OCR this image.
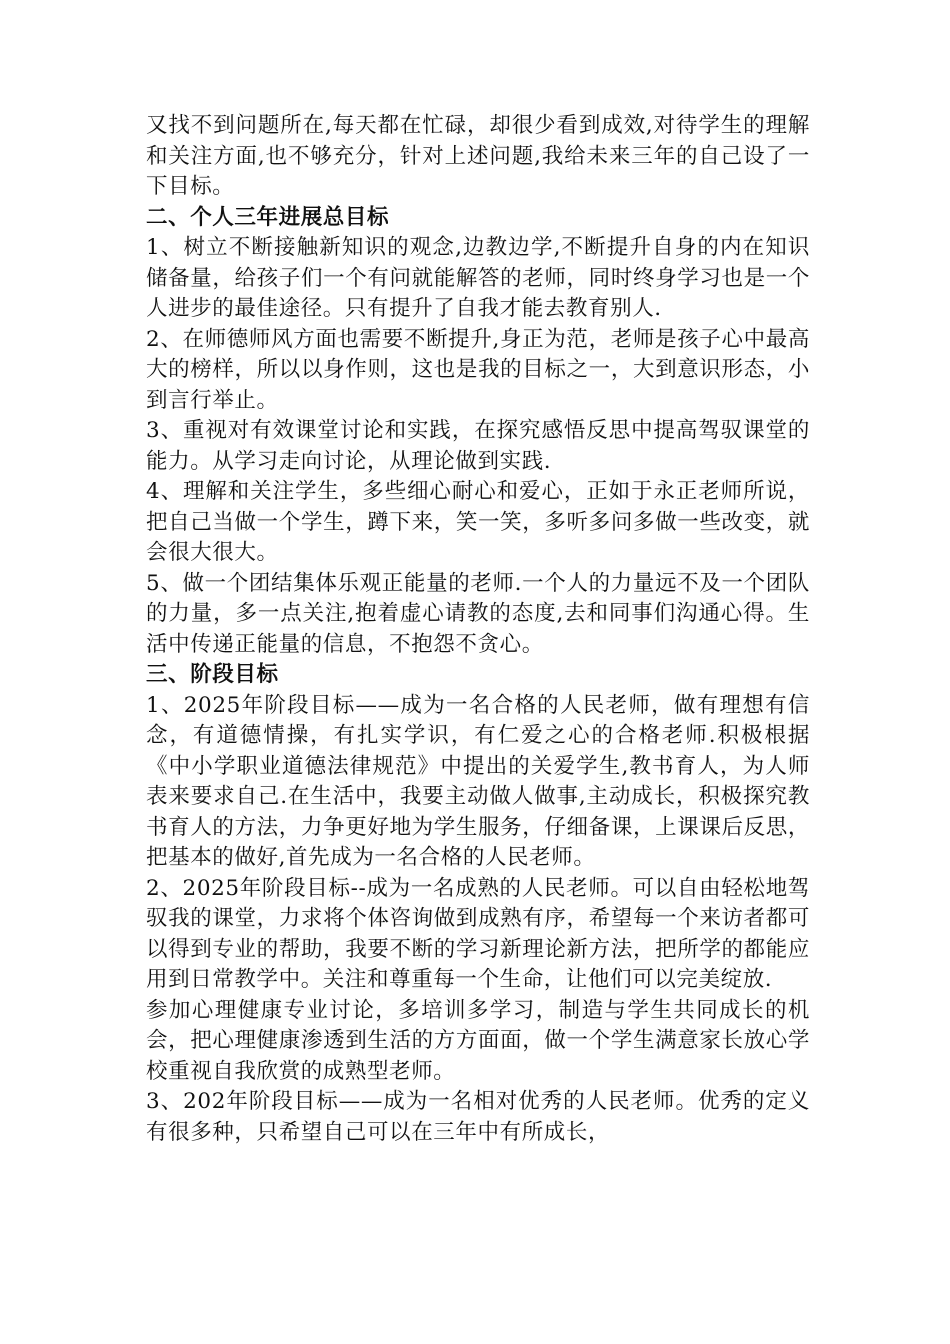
又找不到问题所在,每天都在忙碌，却很少看到成效,对待学生的理解和关注方面,也不够充分，针对上述问题,我给未来三年的自己设了一下目标。

二、个人三年进展总目标

1、树立不断接触新知识的观念,边教边学,不断提升自身的内在知识储备量，给孩子们一个有问就能解答的老师，同时终身学习也是一个人进步的最佳途径。只有提升了自我才能去教育别人.

2、在师德师风方面也需要不断提升,身正为范，老师是孩子心中最高大的榜样，所以以身作则，这也是我的目标之一，大到意识形态，小到言行举止。

3、重视对有效课堂讨论和实践，在探究感悟反思中提高驾驭课堂的能力。从学习走向讨论，从理论做到实践.

4、理解和关注学生，多些细心耐心和爱心，正如于永正老师所说，把自己当做一个学生，蹲下来，笑一笑，多听多问多做一些改变，就会很大很大。

5、做一个团结集体乐观正能量的老师.一个人的力量远不及一个团队的力量，多一点关注,抱着虚心请教的态度,去和同事们沟通心得。生活中传递正能量的信息，不抱怨不贪心。

三、阶段目标

1、2025年阶段目标——成为一名合格的人民老师，做有理想有信念，有道德情操，有扎实学识，有仁爱之心的合格老师.积极根据《中小学职业道德法律规范》中提出的关爱学生,教书育人，为人师表来要求自己.在生活中，我要主动做人做事,主动成长，积极探究教书育人的方法，力争更好地为学生服务，仔细备课，上课课后反思，把基本的做好,首先成为一名合格的人民老师。

2、2025年阶段目标--成为一名成熟的人民老师。可以自由轻松地驾驭我的课堂，力求将个体咨询做到成熟有序，希望每一个来访者都可以得到专业的帮助，我要不断的学习新理论新方法，把所学的都能应用到日常教学中。关注和尊重每一个生命，让他们可以完美绽放.

参加心理健康专业讨论，多培训多学习，制造与学生共同成长的机会，把心理健康渗透到生活的方方面面，做一个学生满意家长放心学校重视自我欣赏的成熟型老师。

3、202年阶段目标——成为一名相对优秀的人民老师。优秀的定义有很多种，只希望自己可以在三年中有所成长，
